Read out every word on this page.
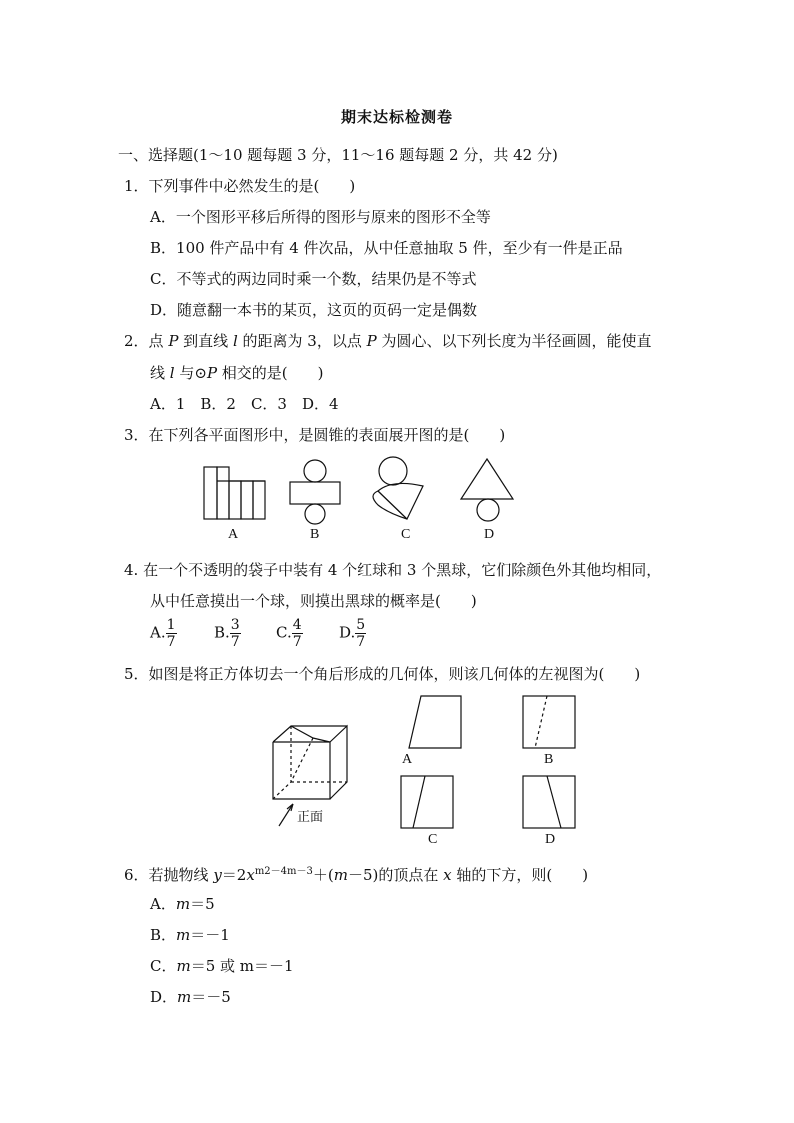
期末达标检测卷
一、选择题(1～10 题每题 3 分，11～16 题每题 2 分，共 42 分)
1．下列事件中必然发生的是(　　)
A．一个图形平移后所得的图形与原来的图形不全等
B．100 件产品中有 4 件次品，从中任意抽取 5 件，至少有一件是正品
C．不等式的两边同时乘一个数，结果仍是不等式
D．随意翻一本书的某页，这页的页码一定是偶数
2．点 P 到直线 l 的距离为 3，以点 P 为圆心、以下列长度为半径画圆，能使直
线 l 与⊙P 相交的是(　　)
A．1　B．2　C．3　D．4
3．在下列各平面图形中，是圆锥的表面展开图的是(　　)
A	B	C	D
4. 在一个不透明的袋子中装有 4 个红球和 3 个黑球，它们除颜色外其他均相同，
从中任意摸出一个球，则摸出黑球的概率是(　　)
A. $\frac{1}{7} B$. $\frac{3}{7} C$. $\frac{4}{7} D$. $\frac{5}{7}$
5．如图是将正方体切去一个角后形成的几何体，则该几何体的左视图为(　　)
正面
A	B
C	D
6．若抛物线 $y=2x^{m2-4m-3}+(m-5)$的顶点在 x 轴的下方，则(　　)
A．m＝5
B．m＝－1
C．m＝5 或 m＝－1
D．m＝－5
